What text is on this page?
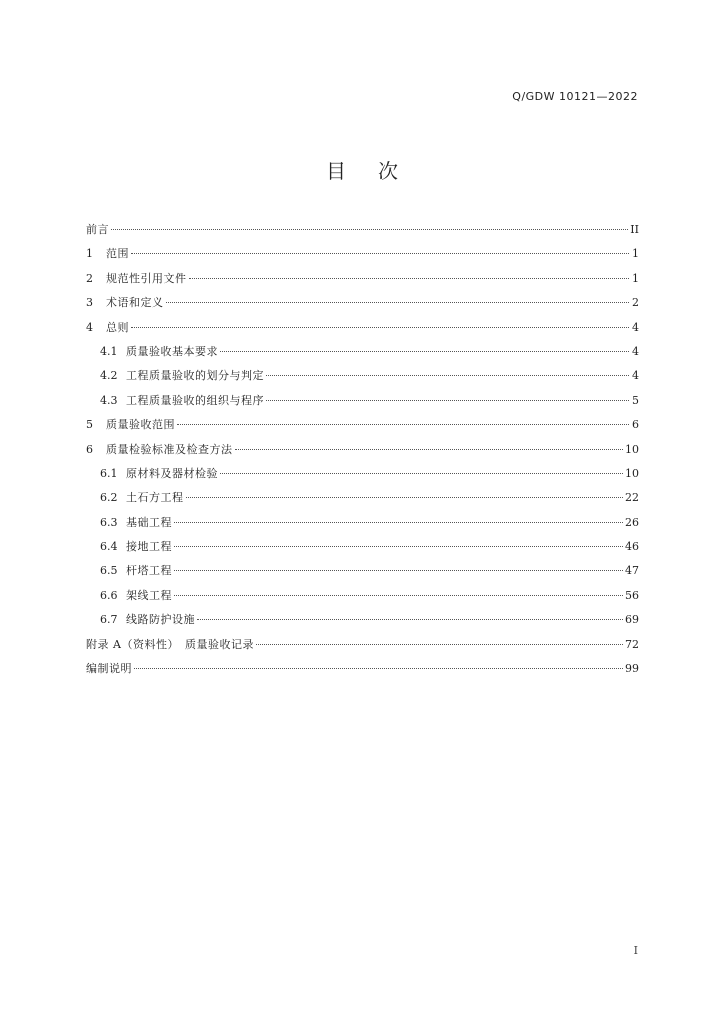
Q/GDW 10121—2022
目次
前言	II
1	范围	1
2	规范性引用文件	1
3	术语和定义	2
4	总则	4
4.1 质量验收基本要求	4
4.2 工程质量验收的划分与判定	4
4.3 工程质量验收的组织与程序	5
5	质量验收范围	6
6	质量检验标准及检查方法	10
6.1 原材料及器材检验	10
6.2 土石方工程	22
6.3 基础工程	26
6.4 接地工程	46
6.5 杆塔工程	47
6.6 架线工程	56
6.7 线路防护设施	69
附录 A（资料性）　质量验收记录	72
编制说明	99
I
